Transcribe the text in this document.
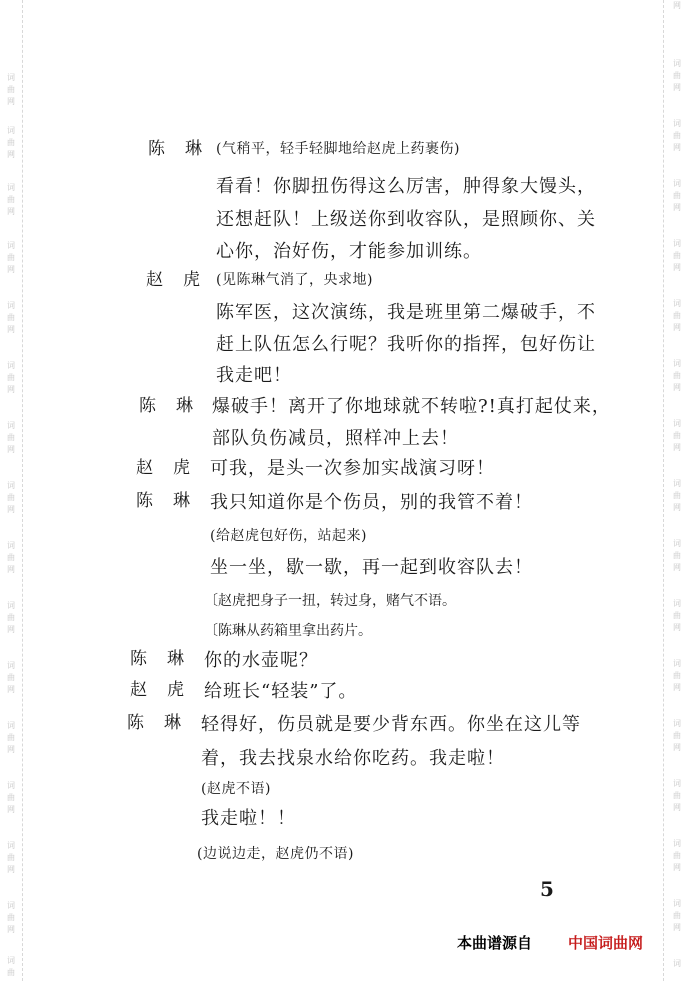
词
曲
网
词
曲
网
词
曲
网
词
曲
网
词
曲
网
词
曲
网
词
曲
网
词
曲
网
词
曲
网
词
曲
网
词
曲
网
词
曲
网
词
曲
网
词
曲
网
词
曲
网
词
曲
网
词
曲
网
词
曲
网
词
曲
网
词
曲
网
词
曲
网
词
曲
网
词
曲
网
词
曲
网
词
曲
网
词
曲
网
词
曲
网
词
曲
网
词
曲
网
词
曲
网
词
曲
网
词
陈琳
(气稍平，轻手轻脚地给赵虎上药裹伤)
看看！你脚扭伤得这么厉害，肿得象大馒头，
还想赶队！上级送你到收容队，是照顾你、关
心你，治好伤，才能参加训练。
赵虎
(见陈琳气消了，央求地)
陈军医，这次演练，我是班里第二爆破手，不
赶上队伍怎么行呢？我听你的指挥，包好伤让
我走吧！
陈琳 爆破手！离开了你地球就不转啦?!真打起仗来，
部队负伤减员，照样冲上去！
赵虎 可我，是头一次参加实战演习呀！
陈琳 我只知道你是个伤员，别的我管不着！
(给赵虎包好伤，站起来)
坐一坐，歇一歇，再一起到收容队去！
〔赵虎把身子一扭，转过身，赌气不语。
〔陈琳从药箱里拿出药片。
陈琳 你的水壶呢？
赵虎 给班长“轻装”了。
陈琳 轻得好，伤员就是要少背东西。你坐在这儿等
着，我去找泉水给你吃药。我走啦！
(赵虎不语)
我走啦！！
(边说边走，赵虎仍不语)
5
本曲谱源自 中国词曲网
